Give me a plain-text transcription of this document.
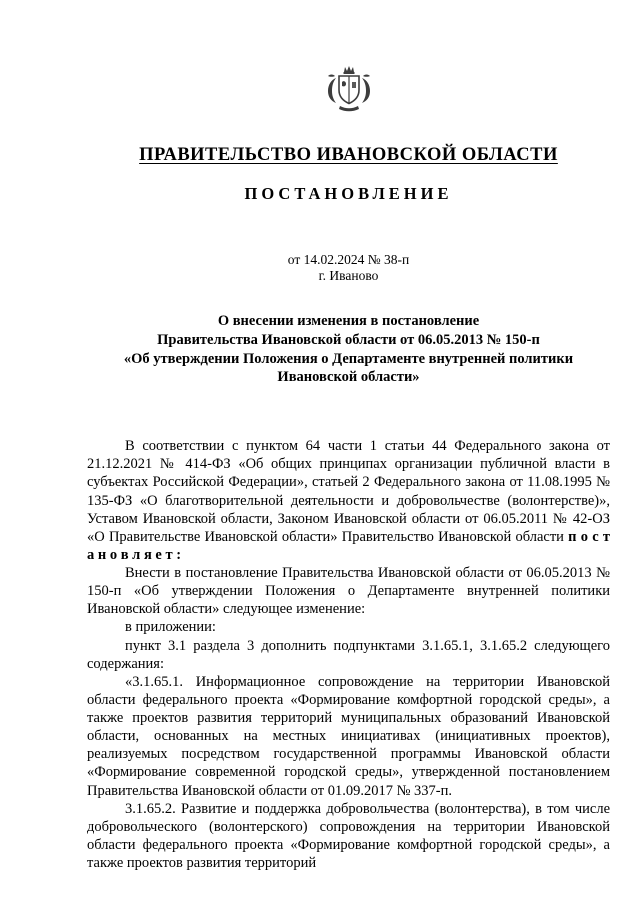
ПРАВИТЕЛЬСТВО ИВАНОВСКОЙ ОБЛАСТИ
ПОСТАНОВЛЕНИЕ

от 14.02.2024 № 38-п

г. Иваново

О внесении изменения в постановление
Правительства Ивановской области от 06.05.2013 № 150-п
«Об утверждении Положения о Департаменте внутренней политики
Ивановской области»

В соответствии с пунктом 64 части 1 статьи 44 Федерального закона от 21.12.2021 № 414-ФЗ «Об общих принципах организации публичной власти в субъектах Российской Федерации», статьей 2 Федерального закона от 11.08.1995 № 135-ФЗ «О благотворительной деятельности и добровольчестве (волонтерстве)», Уставом Ивановской области, Законом Ивановской области от 06.05.2011 № 42-ОЗ «О Правительстве Ивановской области» Правительство Ивановской области п о с т а н о в л я е т :

Внести в постановление Правительства Ивановской области от 06.05.2013 № 150-п «Об утверждении Положения о Департаменте внутренней политики Ивановской области» следующее изменение:

в приложении:

пункт 3.1 раздела 3 дополнить подпунктами 3.1.65.1, 3.1.65.2 следующего содержания:

«3.1.65.1. Информационное сопровождение на территории Ивановской области федерального проекта «Формирование комфортной городской среды», а также проектов развития территорий муниципальных образований Ивановской области, основанных на местных инициативах (инициативных проектов), реализуемых посредством государственной программы Ивановской области «Формирование современной городской среды», утвержденной постановлением Правительства Ивановской области от 01.09.2017 № 337-п.

3.1.65.2. Развитие и поддержка добровольчества (волонтерства), в том числе добровольческого (волонтерского) сопровождения на территории Ивановской области федерального проекта «Формирование комфортной городской среды», а также проектов развития территорий
